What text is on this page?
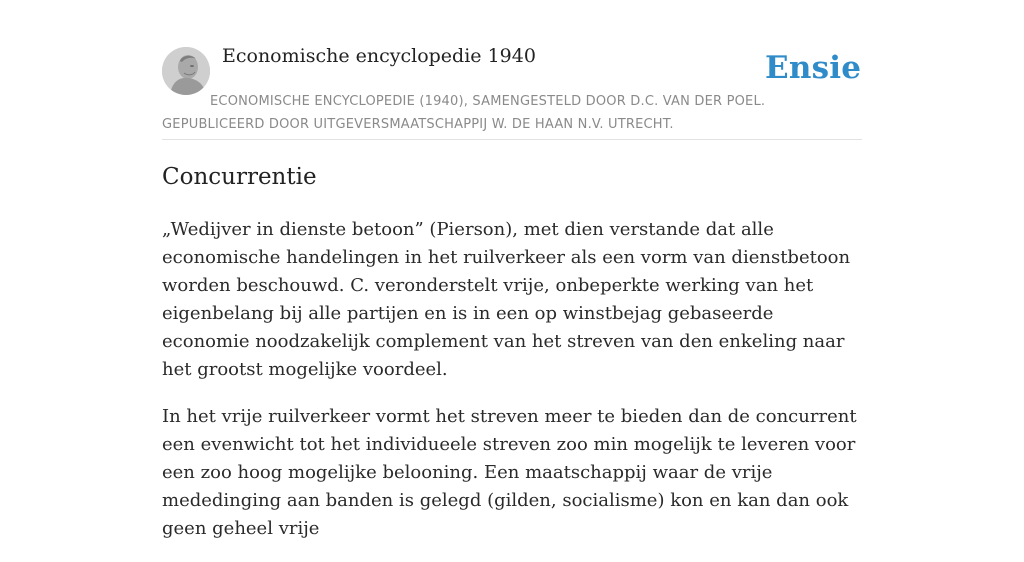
Economische encyclopedie 1940	Ensie
ECONOMISCHE ENCYCLOPEDIE (1940), SAMENGESTELD DOOR D.C. VAN DER POEL. GEPUBLICEERD DOOR UITGEVERSMAATSCHAPPIJ W. DE HAAN N.V. UTRECHT.
Concurrentie

„Wedijver in dienste betoon” (Pierson), met dien verstande dat alle economische handelingen in het ruilverkeer als een vorm van dienstbetoon worden beschouwd. C. veronderstelt vrije, onbeperkte werking van het eigenbelang bij alle partijen en is in een op winstbejag gebaseerde economie noodzakelijk complement van het streven van den enkeling naar het grootst mogelijke voordeel.

In het vrije ruilverkeer vormt het streven meer te bieden dan de concurrent een evenwicht tot het individueele streven zoo min mogelijk te leveren voor een zoo hoog mogelijke belooning. Een maatschappij waar de vrije mededinging aan banden is gelegd (gilden, socialisme) kon en kan dan ook geen geheel vrije
